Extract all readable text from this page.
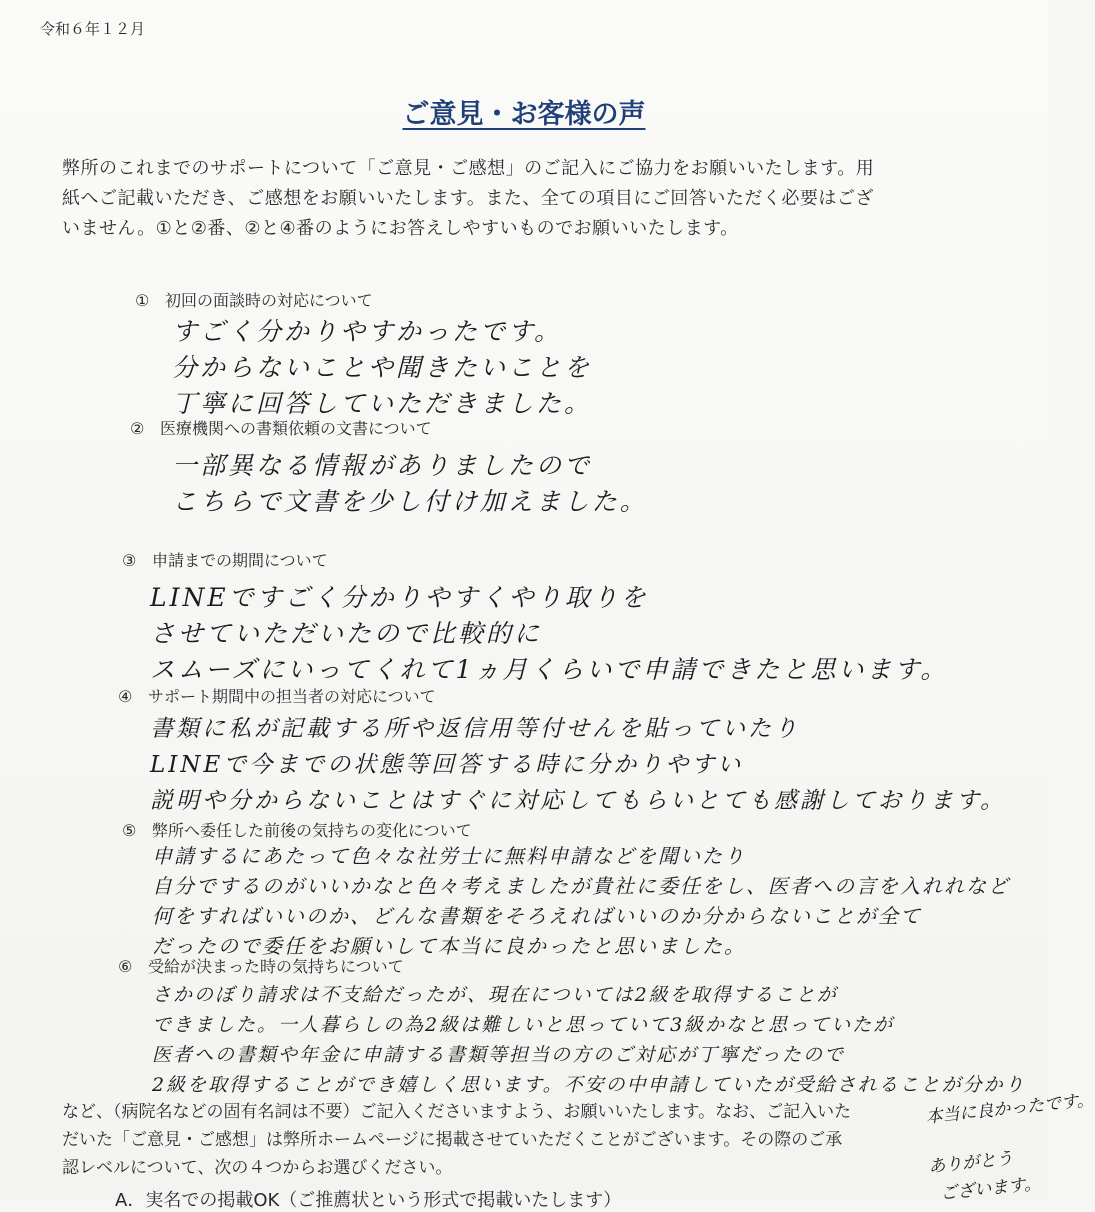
令和６年１２月
ご意見・お客様の声
弊所のこれまでのサポートについて「ご意見・ご感想」のご記入にご協力をお願いいたします。用
紙へご記載いただき、ご感想をお願いいたします。また、全ての項目にご回答いただく必要はござ
いません。①と②番、②と④番のようにお答えしやすいものでお願いいたします。
① 初回の面談時の対応について
すごく分かりやすかったです。
分からないことや聞きたいことを
丁寧に回答していただきました。
② 医療機関への書類依頼の文書について
一部異なる情報がありましたので
こちらで文書を少し付け加えました。
③ 申請までの期間について
LINEですごく分かりやすくやり取りを
させていただいたので比較的に
スムーズにいってくれて1ヵ月くらいで申請できたと思います。
④ サポート期間中の担当者の対応について
書類に私が記載する所や返信用等付せんを貼っていたり
LINEで今までの状態等回答する時に分かりやすい
説明や分からないことはすぐに対応してもらいとても感謝しております。
⑤ 弊所へ委任した前後の気持ちの変化について
申請するにあたって色々な社労士に無料申請などを聞いたり
自分でするのがいいかなと色々考えましたが貴社に委任をし、医者への言を入れれなど
何をすればいいのか、どんな書類をそろえればいいのか分からないことが全て
だったので委任をお願いして本当に良かったと思いました。
⑥ 受給が決まった時の気持ちについて
さかのぼり請求は不支給だったが、現在については2級を取得することが
できました。一人暮らしの為2級は難しいと思っていて3級かなと思っていたが
医者への書類や年金に申請する書類等担当の方のご対応が丁寧だったので
2級を取得することができ嬉しく思います。不安の中申請していたが受給されることが分かり
本当に良かったです。
ありがとう
ございます。
など、（病院名などの固有名詞は不要）ご記入くださいますよう、お願いいたします。なお、ご記入いた
だいた「ご意見・ご感想」は弊所ホームページに掲載させていただくことがございます。その際のご承
認レベルについて、次の４つからお選びください。
A．実名での掲載OK（ご推薦状という形式で掲載いたします）
